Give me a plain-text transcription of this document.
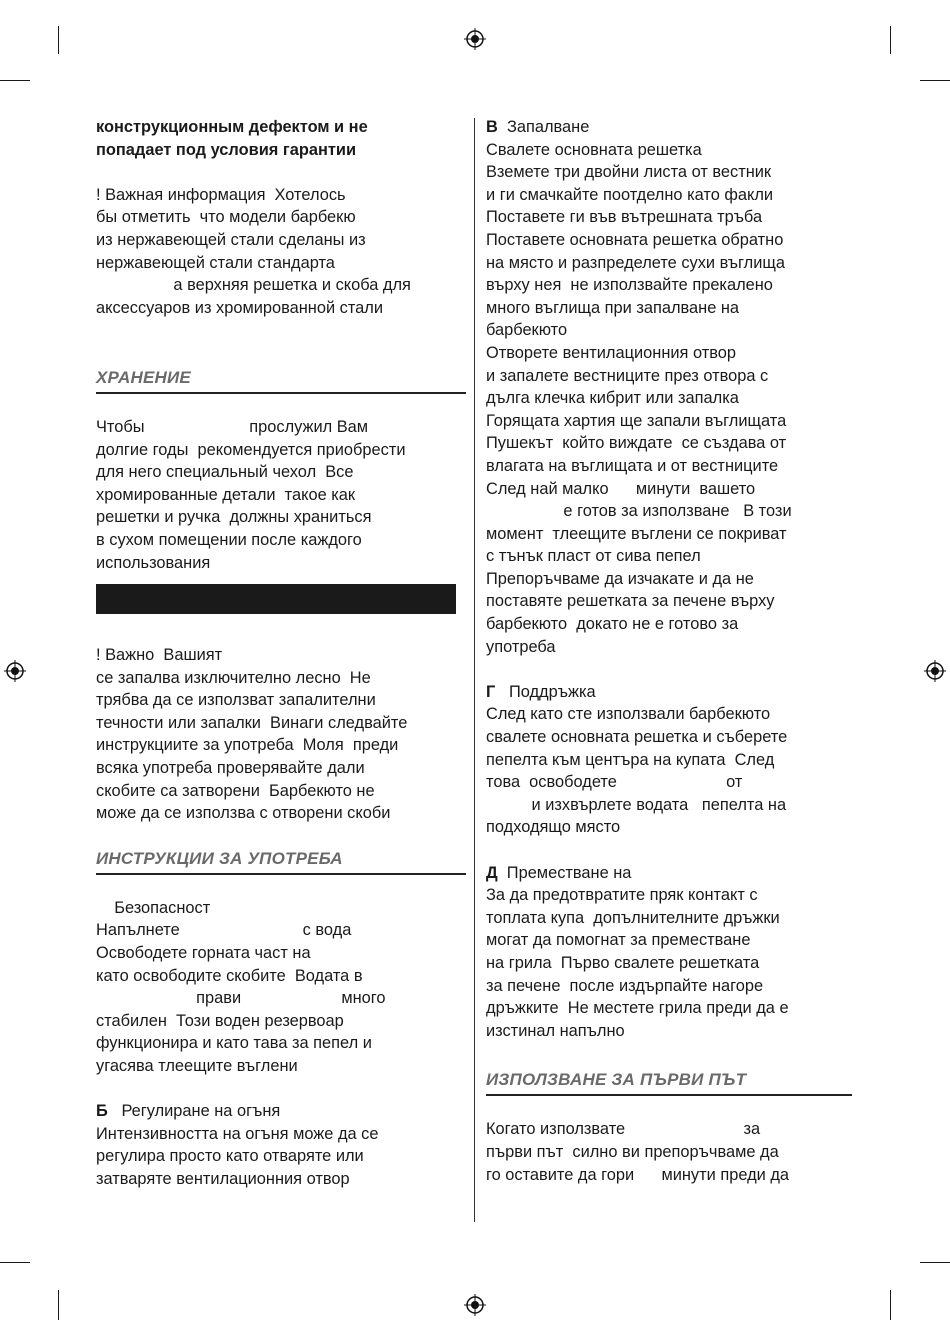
конструкционным дефектом и не
попадает под условия гарантии
! Важная информация  Хотелось
бы отметить  что модели барбекю
из нержавеющей стали сделаны из
нержавеющей стали стандарта
а верхняя решетка и скоба для
аксессуаров из хромированной стали
ХРАНЕНИЕ
Чтобы                       прослужил Вам
долгие годы  рекомендуется приобрести
для него специальный чехол  Все
хромированные детали  такое как
решетки и ручка  должны храниться
в сухом помещении после каждого
использования
! Важно  Вашият
се запалва изключително лесно  Не
трябва да се използват запалителни
течности или запалки  Винаги следвайте
инструкциите за употреба  Моля  преди
всяка употреба проверявайте дали
скобите са затворени  Барбекюто не
може да се използва с отворени скоби
ИНСТРУКЦИИ ЗА УПОТРЕБА
Безопасност
Напълнете                           с вода
Освободете горната част на
като освободите скобите  Водата в
прави                      много
стабилен  Този воден резервоар
функционира и като тава за пепел и
угасява тлеещите въглени
Б   Регулиране на огъня
Интензивността на огъня може да се
регулира просто като отваряте или
затваряте вентилационния отвор
В  Запалване
Свалете основната решетка
Вземете три двойни листа от вестник
и ги смачкайте поотделно като факли
Поставете ги във вътрешната тръба
Поставете основната решетка обратно
на място и разпределете сухи въглища
върху нея  не използвайте прекалено
много въглища при запалване на
барбекюто
Отворете вентилационния отвор
и запалете вестниците през отвора с
дълга клечка кибрит или запалка
Горящата хартия ще запали въглищата
Пушекът  който виждате  се създава от
влагата на въглищата и от вестниците
След най малко      минути  вашето
е готов за използване   В този
момент  тлеещите въглени се покриват
с тънък пласт от сива пепел
Препоръчваме да изчакате и да не
поставяте решетката за печене върху
барбекюто  докато не е готово за
употреба
Г   Поддръжка
След като сте използвали барбекюто
свалете основната решетка и съберете
пепелта към центъра на купата  След
това  освободете                        от
и изхвърлете водата   пепелта на
подходящо място
Д  Преместване на
За да предотвратите пряк контакт с
топлата купа  допълнителните дръжки
могат да помогнат за преместване
на грила  Първо свалете решетката
за печене  после издърпайте нагоре
дръжките  Не местете грила преди да е
изстинал напълно
ИЗПОЛЗВАНЕ ЗА ПЪРВИ ПЪТ
Когато използвате                          за
първи път  силно ви препоръчваме да
го оставите да гори      минути преди да
